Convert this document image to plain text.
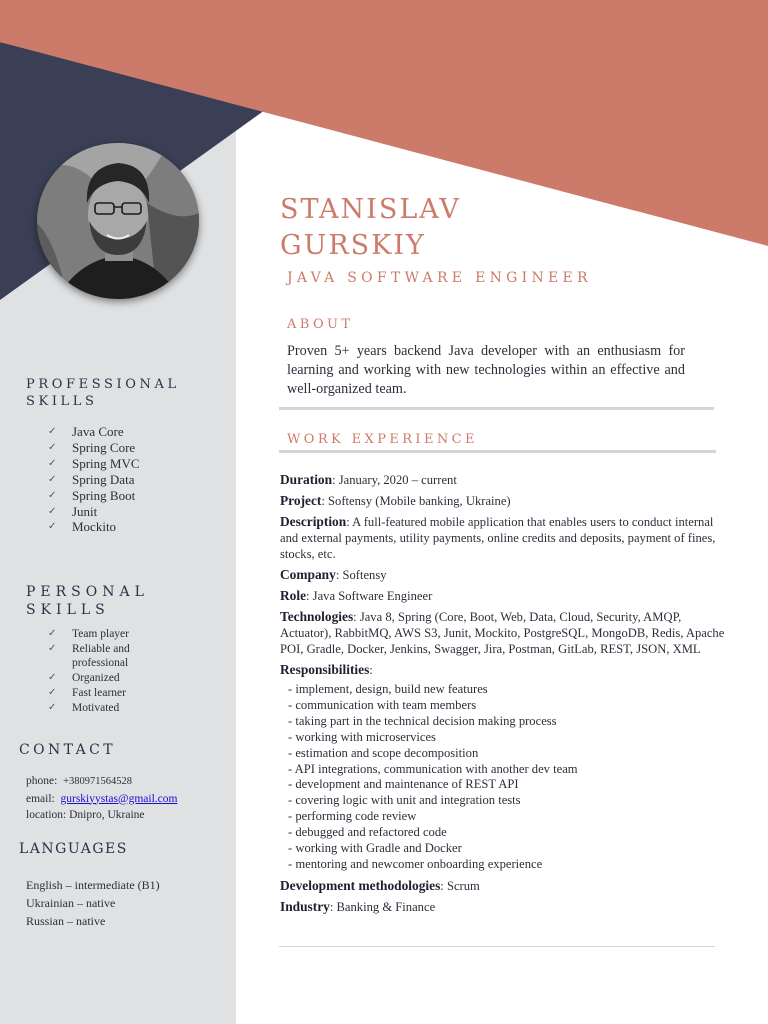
STANISLAV
GURSKIY
JAVA SOFTWARE ENGINEER
ABOUT
Proven 5+ years backend Java developer with an enthusiasm for learning and working with new technologies within an effective and well-organized team.
WORK EXPERIENCE
Duration: January, 2020 – current
Project: Softensy (Mobile banking, Ukraine)
Description: A full-featured mobile application that enables users to conduct internal and external payments, utility payments, online credits and deposits, payment of fines, stocks, etc.
Company: Softensy
Role: Java Software Engineer
Technologies: Java 8, Spring (Core, Boot, Web, Data, Cloud, Security, AMQP, Actuator), RabbitMQ, AWS S3, Junit, Mockito, PostgreSQL, MongoDB, Redis, Apache POI, Gradle, Docker, Jenkins, Swagger, Jira, Postman, GitLab, REST, JSON, XML
Responsibilities:
- implement, design, build new features
- communication with team members
- taking part in the technical decision making process
- working with microservices
- estimation and scope decomposition
- API integrations, communication with another dev team
- development and maintenance of REST API
- covering logic with unit and integration tests
- performing code review
- debugged and refactored code
- working with Gradle and Docker
- mentoring and newcomer onboarding experience
Development methodologies: Scrum
Industry: Banking & Finance
PROFESSIONAL
SKILLS
✓ Java Core
✓ Spring Core
✓ Spring MVC
✓ Spring Data
✓ Spring Boot
✓ Junit
✓ Mockito
PERSONAL
SKILLS
✓ Team player
✓ Reliable and professional
✓ Organized
✓ Fast learner
✓ Motivated
CONTACT
phone: +380971564528
email: gurskiyystas@gmail.com
location: Dnipro, Ukraine
LANGUAGES
English – intermediate (B1)
Ukrainian – native
Russian – native
